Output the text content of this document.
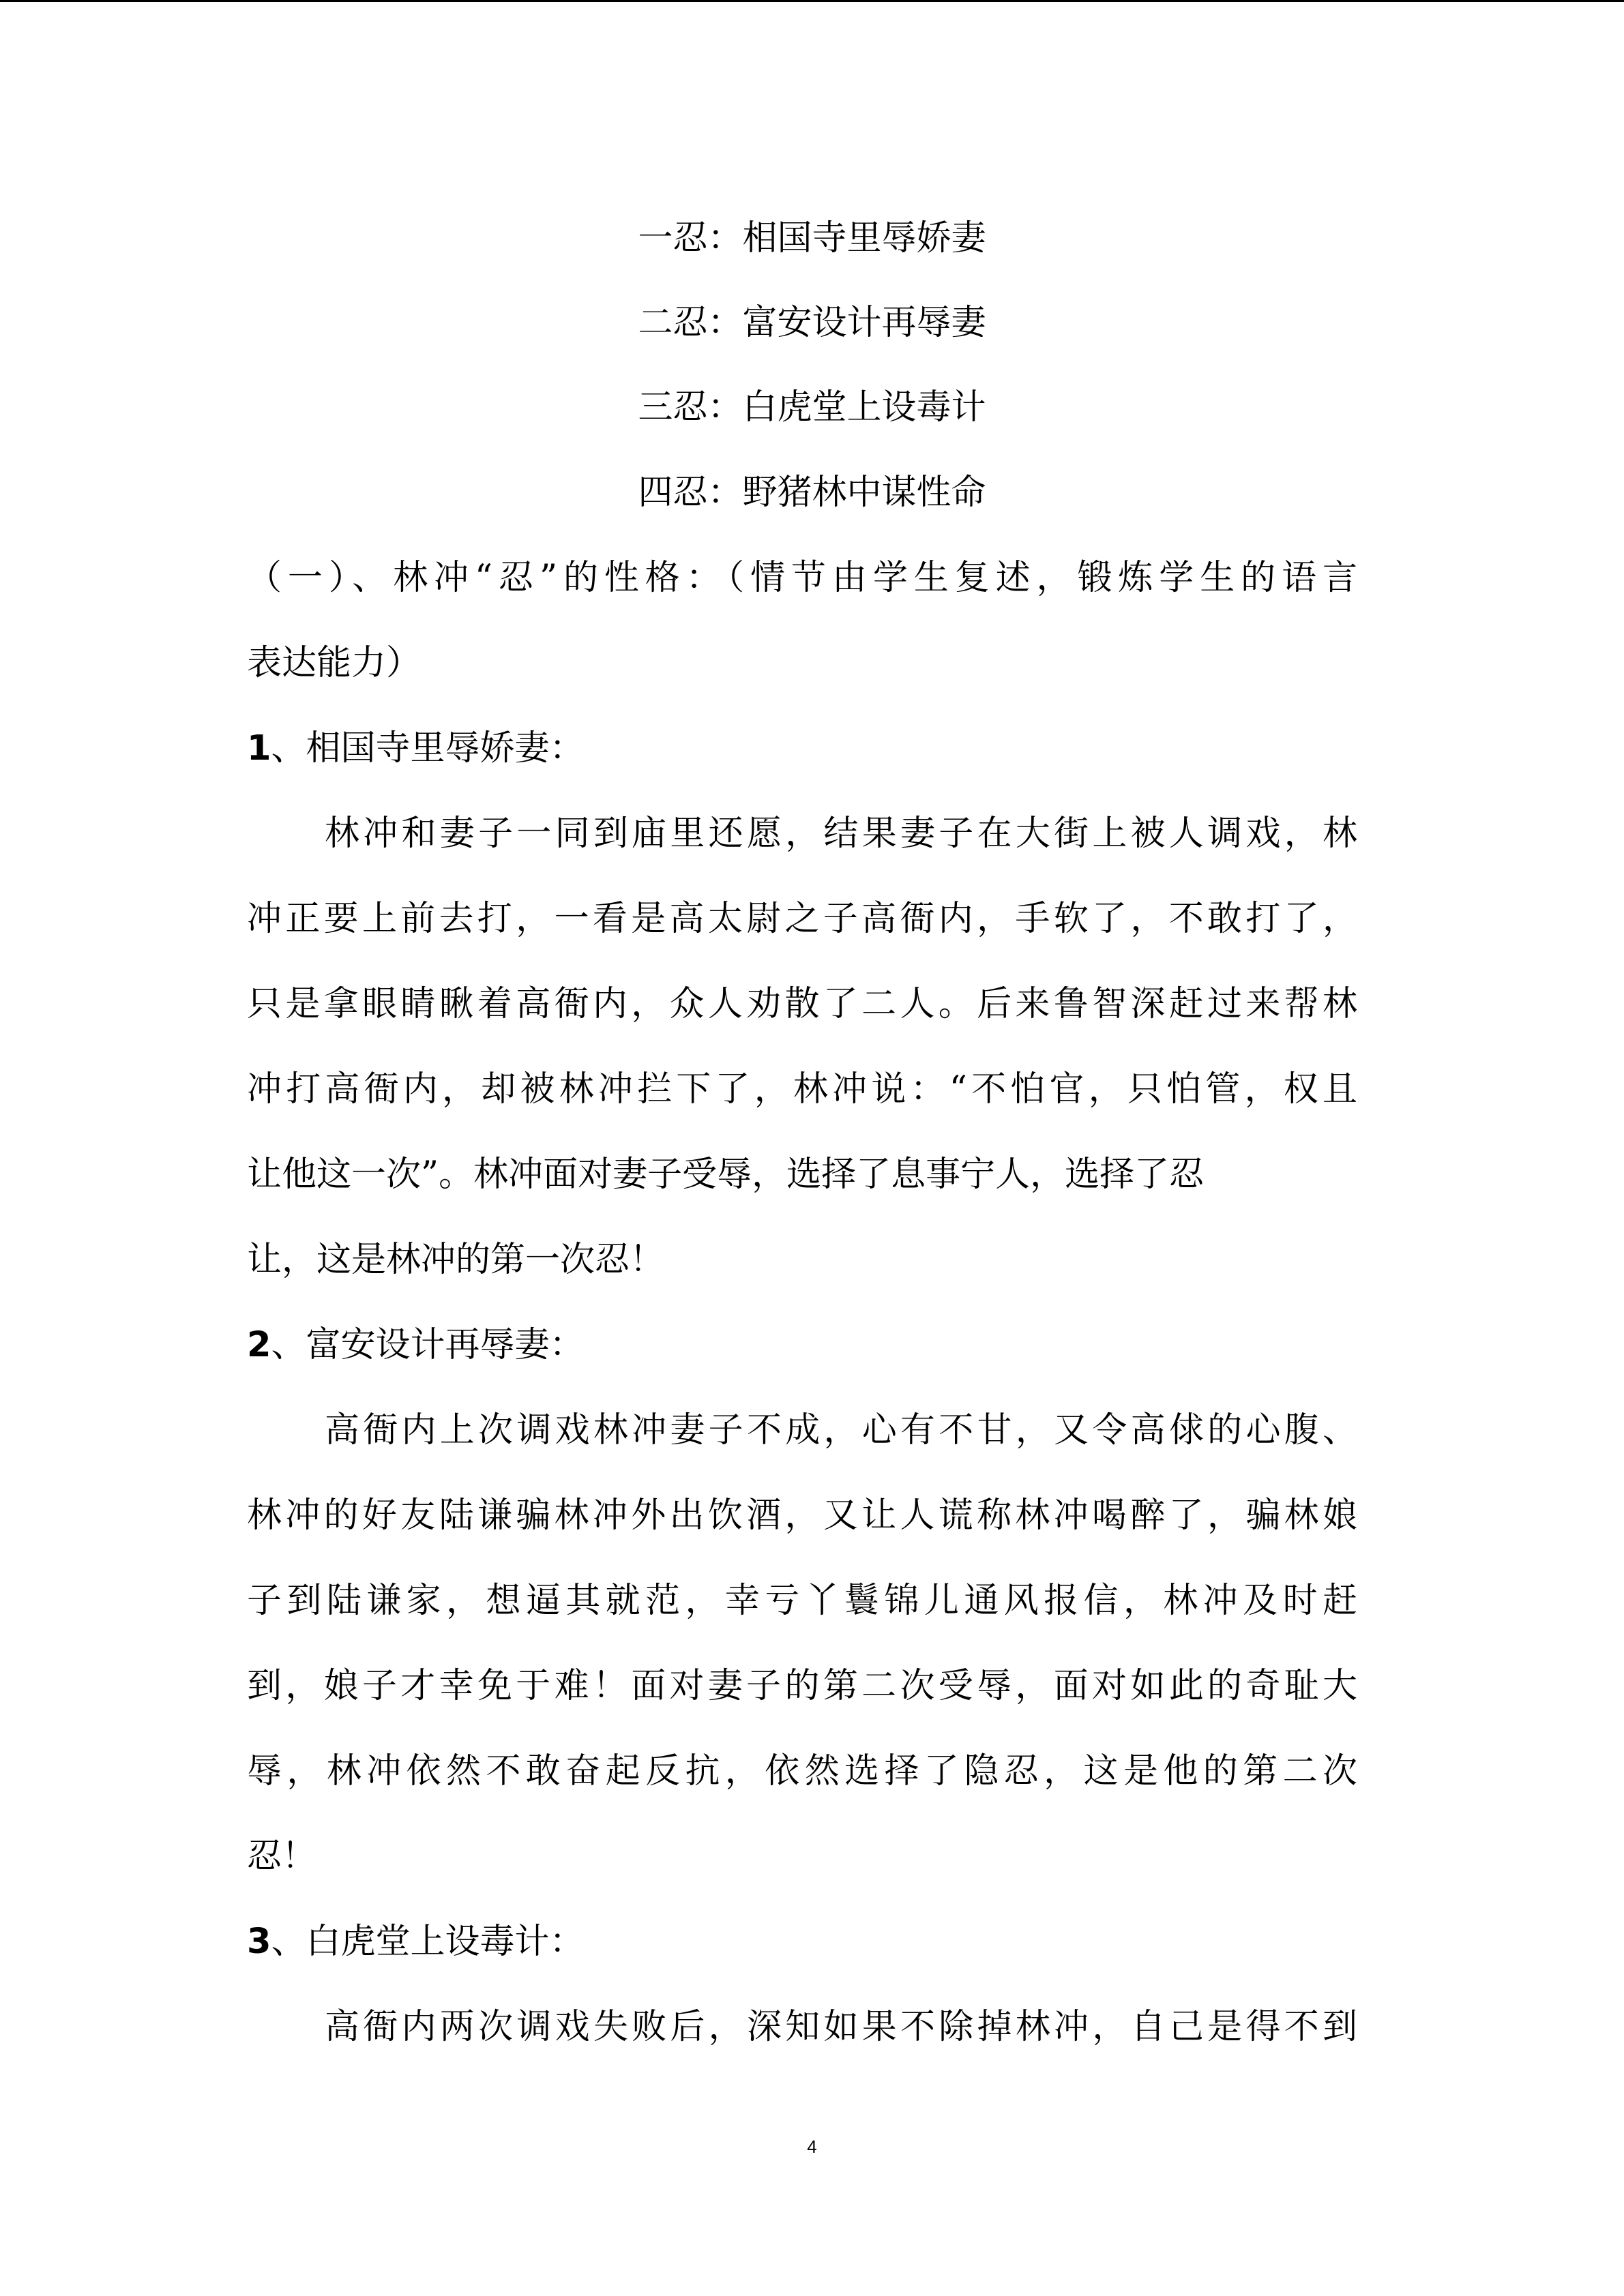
一忍：相国寺里辱娇妻
二忍：富安设计再辱妻
三忍：白虎堂上设毒计
四忍：野猪林中谋性命
（一）、林冲“忍”的性格：（情节由学生复述，锻炼学生的语言
表达能力）
1、相国寺里辱娇妻：
林冲和妻子一同到庙里还愿，结果妻子在大街上被人调戏，林
冲正要上前去打，一看是高太尉之子高衙内，手软了，不敢打了，
只是拿眼睛瞅着高衙内，众人劝散了二人。后来鲁智深赶过来帮林
冲打高衙内，却被林冲拦下了，林冲说：“不怕官，只怕管，权且
让他这一次”。林冲面对妻子受辱，选择了息事宁人，选择了忍
让，这是林冲的第一次忍！
2、富安设计再辱妻：
高衙内上次调戏林冲妻子不成，心有不甘，又令高俅的心腹、
林冲的好友陆谦骗林冲外出饮酒，又让人谎称林冲喝醉了，骗林娘
子到陆谦家，想逼其就范，幸亏丫鬟锦儿通风报信，林冲及时赶
到，娘子才幸免于难！面对妻子的第二次受辱，面对如此的奇耻大
辱，林冲依然不敢奋起反抗，依然选择了隐忍，这是他的第二次
忍！
3、白虎堂上设毒计：
高衙内两次调戏失败后，深知如果不除掉林冲，自己是得不到
4
